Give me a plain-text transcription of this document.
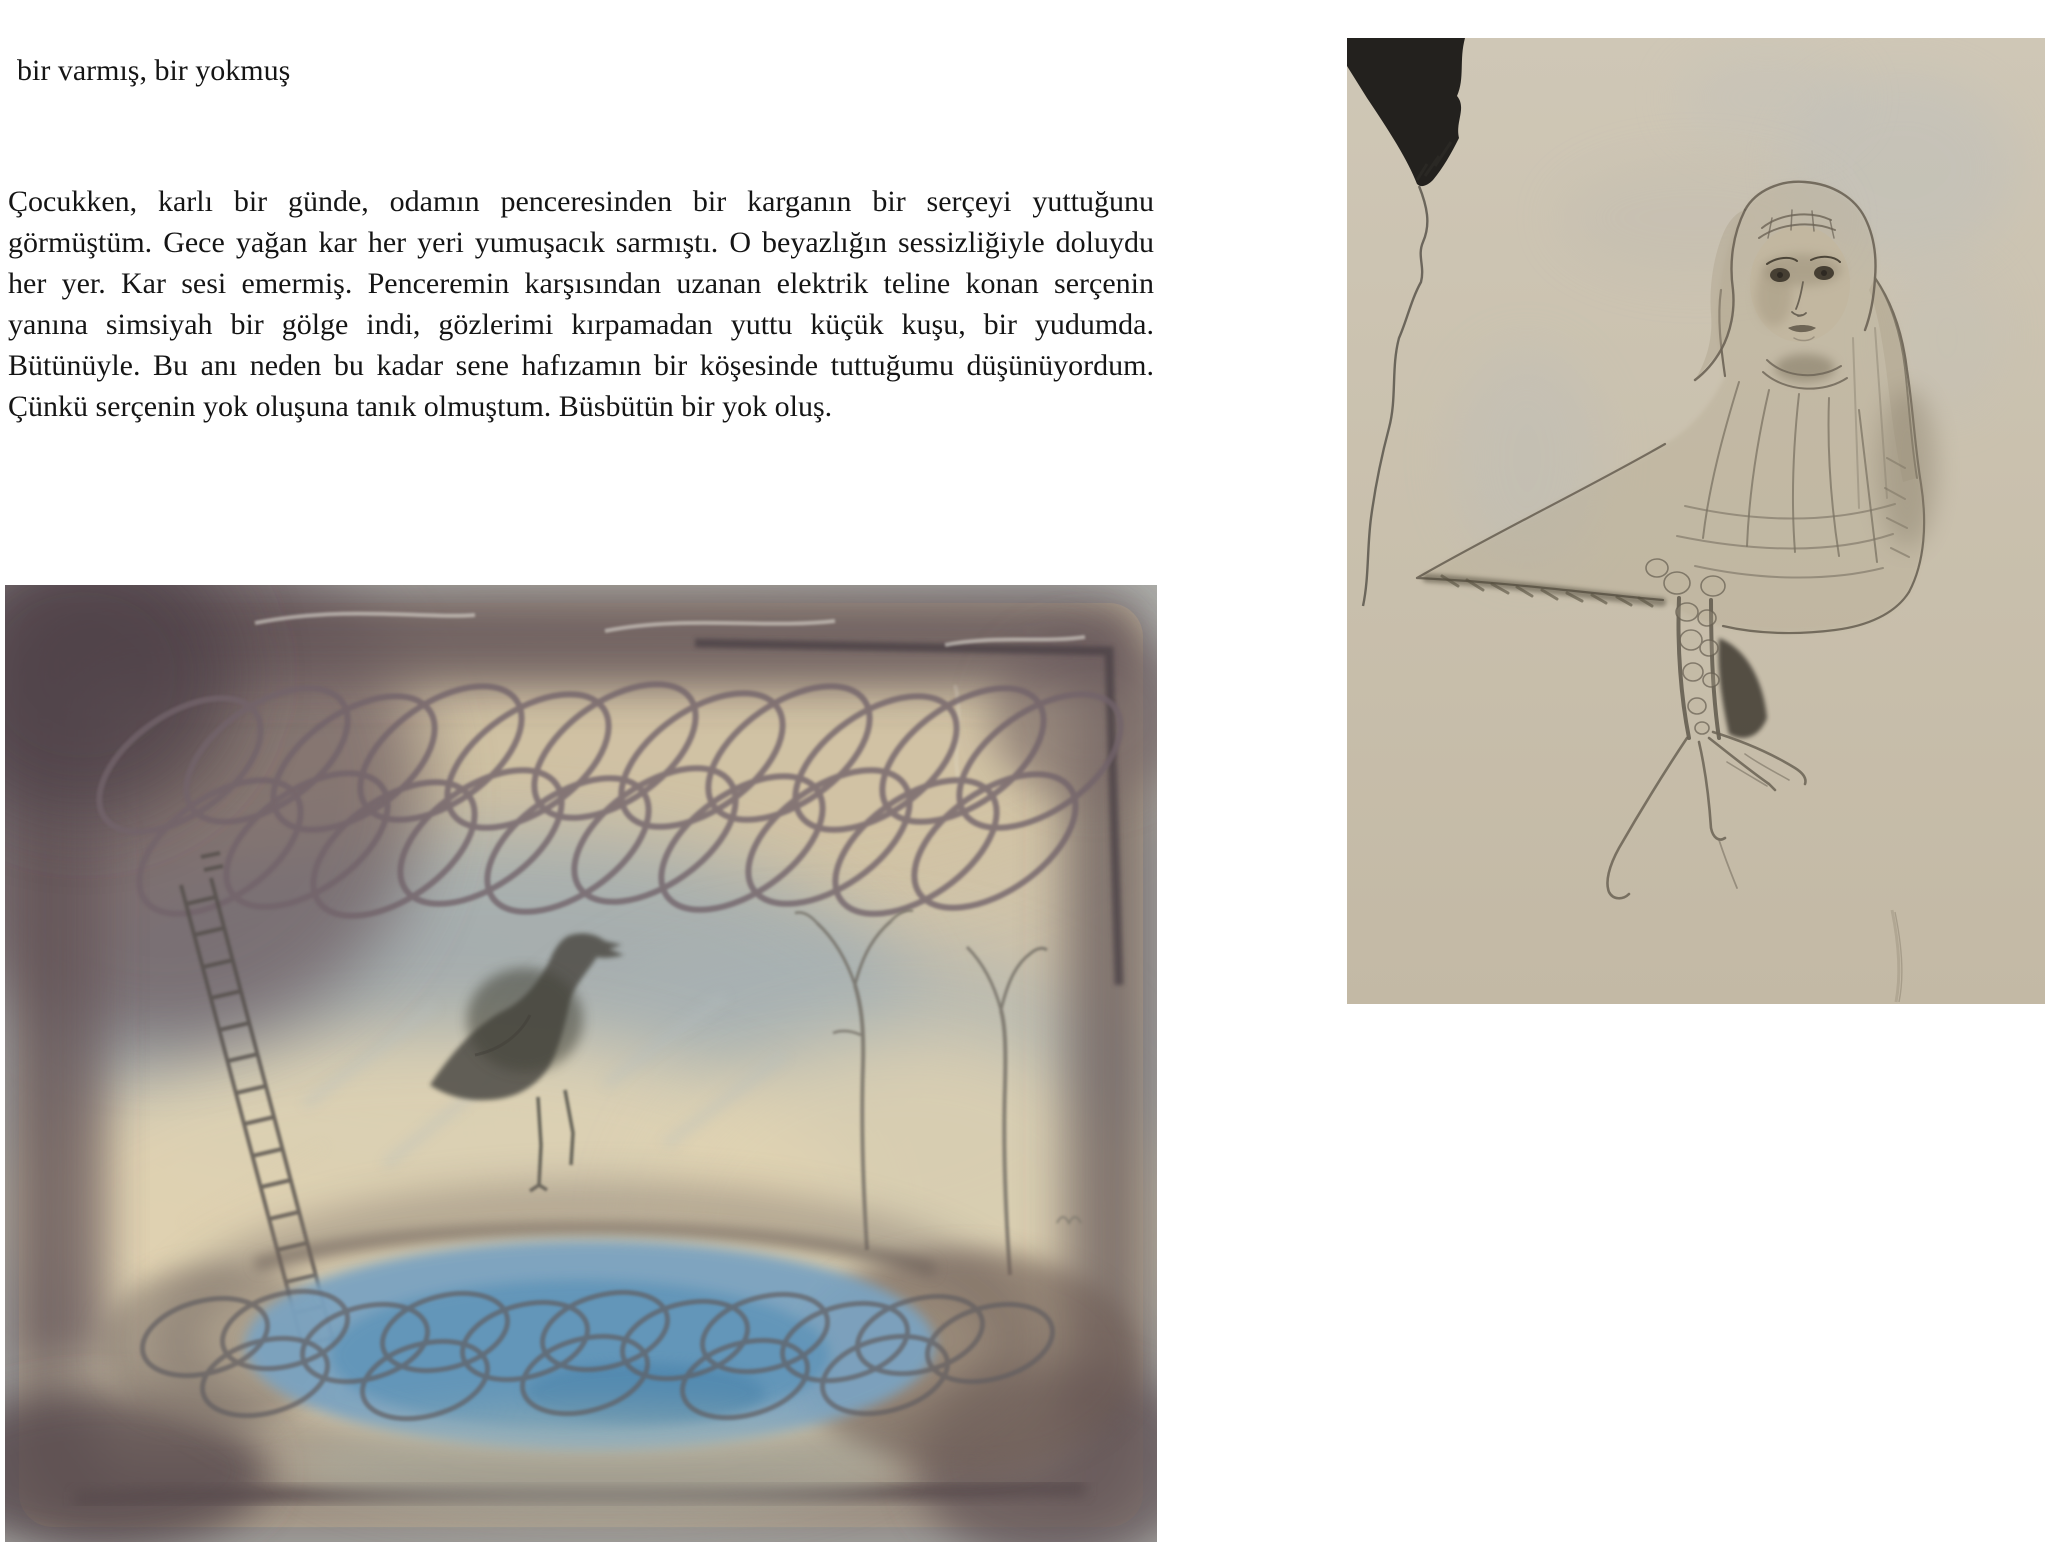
bir varmış, bir yokmuş

Çocukken, karlı bir günde, odamın penceresinden bir karganın bir serçeyi yuttuğunu görmüştüm. Gece yağan kar her yeri yumuşacık sarmıştı. O beyazlığın sessizliğiyle doluydu her yer. Kar sesi emermiş. Penceremin karşısından uzanan elektrik teline konan serçenin yanına simsiyah bir gölge indi, gözlerimi kırpamadan yuttu küçük kuşu, bir yudumda. Bütünüyle. Bu anı neden bu kadar sene hafızamın bir köşesinde tuttuğumu düşünüyordum. Çünkü serçenin yok oluşuna tanık olmuştum. Büsbütün bir yok oluş.
